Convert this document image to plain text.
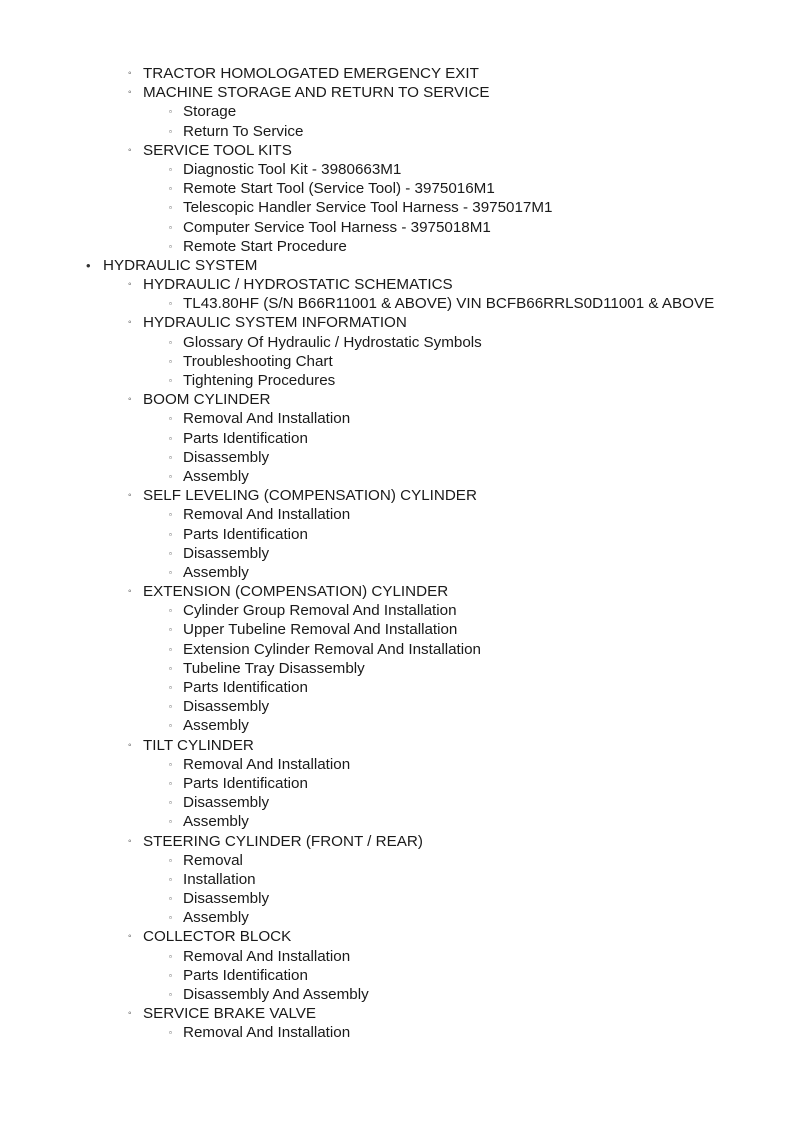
◦ TRACTOR HOMOLOGATED EMERGENCY EXIT
◦ MACHINE STORAGE AND RETURN TO SERVICE
▫ Storage
▫ Return To Service
◦ SERVICE TOOL KITS
▫ Diagnostic Tool Kit - 3980663M1
▫ Remote Start Tool (Service Tool) - 3975016M1
▫ Telescopic Handler Service Tool Harness - 3975017M1
▫ Computer Service Tool Harness - 3975018M1
▫ Remote Start Procedure
• HYDRAULIC SYSTEM
◦ HYDRAULIC / HYDROSTATIC SCHEMATICS
▫ TL43.80HF (S/N B66R11001 & ABOVE) VIN BCFB66RRLS0D11001 & ABOVE
◦ HYDRAULIC SYSTEM INFORMATION
▫ Glossary Of Hydraulic / Hydrostatic Symbols
▫ Troubleshooting Chart
▫ Tightening Procedures
◦ BOOM CYLINDER
▫ Removal And Installation
▫ Parts Identification
▫ Disassembly
▫ Assembly
◦ SELF LEVELING (COMPENSATION) CYLINDER
▫ Removal And Installation
▫ Parts Identification
▫ Disassembly
▫ Assembly
◦ EXTENSION (COMPENSATION) CYLINDER
▫ Cylinder Group Removal And Installation
▫ Upper Tubeline Removal And Installation
▫ Extension Cylinder Removal And Installation
▫ Tubeline Tray Disassembly
▫ Parts Identification
▫ Disassembly
▫ Assembly
◦ TILT CYLINDER
▫ Removal And Installation
▫ Parts Identification
▫ Disassembly
▫ Assembly
◦ STEERING CYLINDER (FRONT / REAR)
▫ Removal
▫ Installation
▫ Disassembly
▫ Assembly
◦ COLLECTOR BLOCK
▫ Removal And Installation
▫ Parts Identification
▫ Disassembly And Assembly
◦ SERVICE BRAKE VALVE
▫ Removal And Installation
